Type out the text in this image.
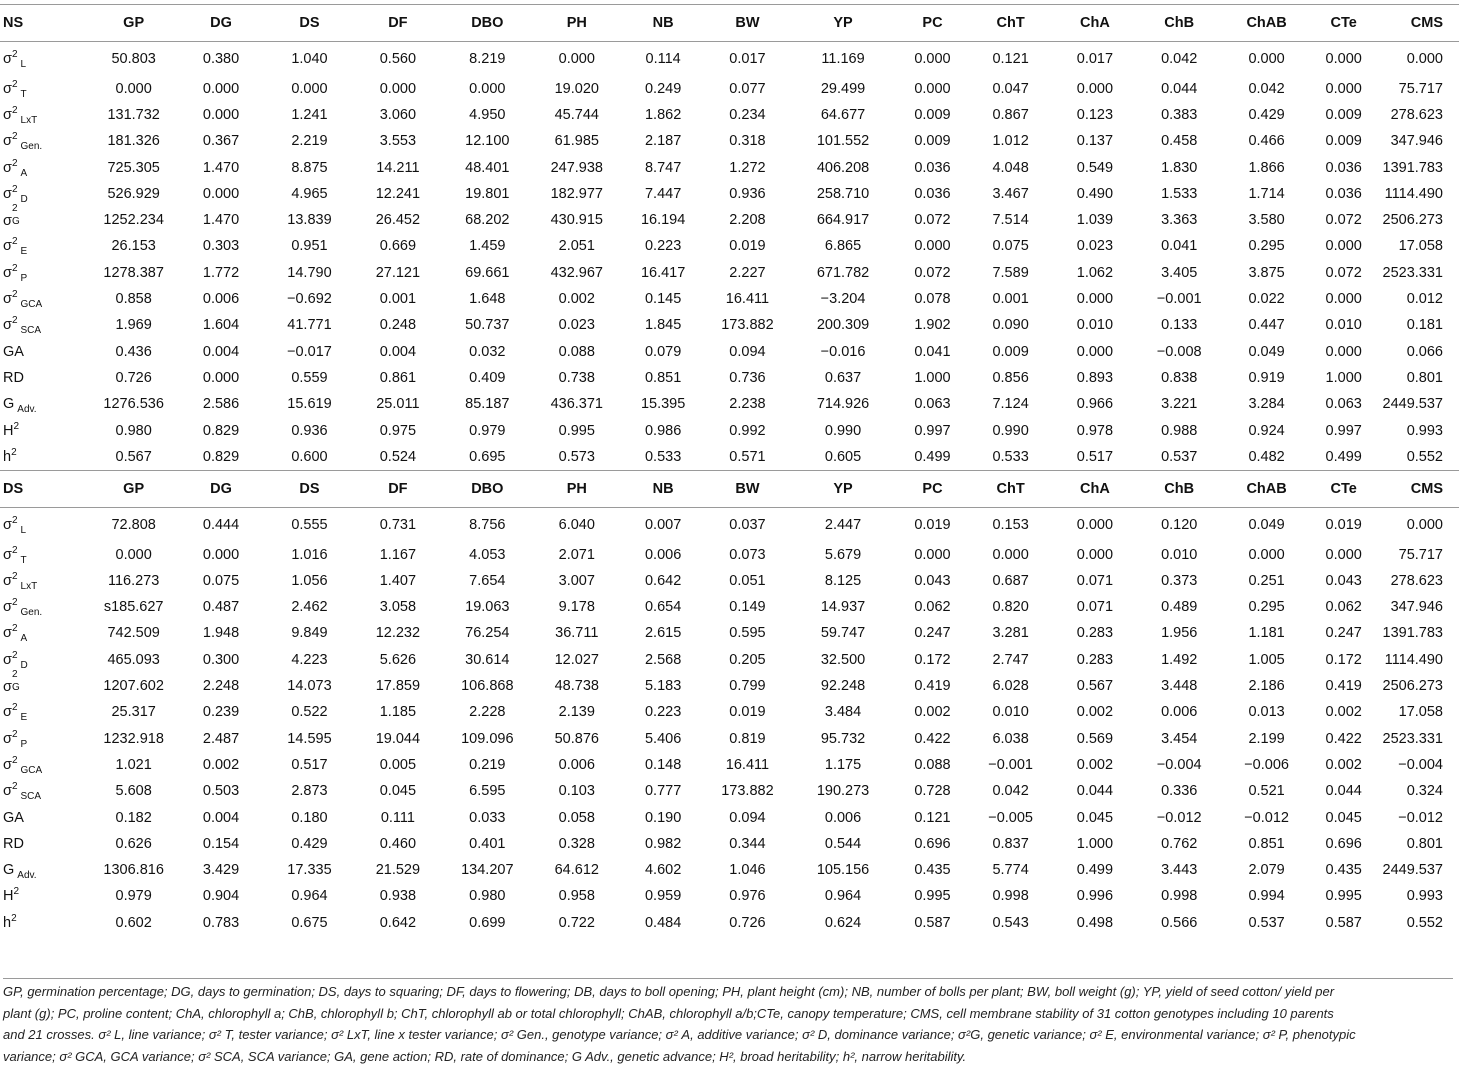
NS	GP	DG	DS	DF	DBO	PH	NB	BW	YP	PC	ChT	ChA	ChB	ChAB	CTe	CMS
$\sigma^2_L$	50.803	0.380	1.040	0.560	8.219	0.000	0.114	0.017	11.169	0.000	0.121	0.017	0.042	0.000	0.000	0.000
$\sigma^2_T$	0.000	0.000	0.000	0.000	0.000	19.020	0.249	0.077	29.499	0.000	0.047	0.000	0.044	0.042	0.000	75.717
$\sigma^2_{LxT}$	131.732	0.000	1.241	3.060	4.950	45.744	1.862	0.234	64.677	0.009	0.867	0.123	0.383	0.429	0.009	278.623
$\sigma^2_{Gen.}$	181.326	0.367	2.219	3.553	12.100	61.985	2.187	0.318	101.552	0.009	1.012	0.137	0.458	0.466	0.009	347.946
$\sigma^2_A$	725.305	1.470	8.875	14.211	48.401	247.938	8.747	1.272	406.208	0.036	4.048	0.549	1.830	1.866	0.036	1391.783
$\sigma^2_D$	526.929	0.000	4.965	12.241	19.801	182.977	7.447	0.936	258.710	0.036	3.467	0.490	1.533	1.714	0.036	1114.490
σ
2
G	1252.234	1.470	13.839	26.452	68.202	430.915	16.194	2.208	664.917	0.072	7.514	1.039	3.363	3.580	0.072	2506.273
$\sigma^2_E$	26.153	0.303	0.951	0.669	1.459	2.051	0.223	0.019	6.865	0.000	0.075	0.023	0.041	0.295	0.000	17.058
$\sigma^2_P$	1278.387	1.772	14.790	27.121	69.661	432.967	16.417	2.227	671.782	0.072	7.589	1.062	3.405	3.875	0.072	2523.331
$\sigma^2_{GCA}$	0.858	0.006	−0.692	0.001	1.648	0.002	0.145	16.411	−3.204	0.078	0.001	0.000	−0.001	0.022	0.000	0.012
$\sigma^2_{SCA}$	1.969	1.604	41.771	0.248	50.737	0.023	1.845	173.882	200.309	1.902	0.090	0.010	0.133	0.447	0.010	0.181
GA	0.436	0.004	−0.017	0.004	0.032	0.088	0.079	0.094	−0.016	0.041	0.009	0.000	−0.008	0.049	0.000	0.066
RD	0.726	0.000	0.559	0.861	0.409	0.738	0.851	0.736	0.637	1.000	0.856	0.893	0.838	0.919	1.000	0.801
G $_{Adv.}$	1276.536	2.586	15.619	25.011	85.187	436.371	15.395	2.238	714.926	0.063	7.124	0.966	3.221	3.284	0.063	2449.537
$H^2$	0.980	0.829	0.936	0.975	0.979	0.995	0.986	0.992	0.990	0.997	0.990	0.978	0.988	0.924	0.997	0.993
$h^2$	0.567	0.829	0.600	0.524	0.695	0.573	0.533	0.571	0.605	0.499	0.533	0.517	0.537	0.482	0.499	0.552
DS	GP	DG	DS	DF	DBO	PH	NB	BW	YP	PC	ChT	ChA	ChB	ChAB	CTe	CMS
$\sigma^2_L$	72.808	0.444	0.555	0.731	8.756	6.040	0.007	0.037	2.447	0.019	0.153	0.000	0.120	0.049	0.019	0.000
$\sigma^2_T$	0.000	0.000	1.016	1.167	4.053	2.071	0.006	0.073	5.679	0.000	0.000	0.000	0.010	0.000	0.000	75.717
$\sigma^2_{LxT}$	116.273	0.075	1.056	1.407	7.654	3.007	0.642	0.051	8.125	0.043	0.687	0.071	0.373	0.251	0.043	278.623
$\sigma^2_{Gen.}$	s185.627	0.487	2.462	3.058	19.063	9.178	0.654	0.149	14.937	0.062	0.820	0.071	0.489	0.295	0.062	347.946
$\sigma^2_A$	742.509	1.948	9.849	12.232	76.254	36.711	2.615	0.595	59.747	0.247	3.281	0.283	1.956	1.181	0.247	1391.783
$\sigma^2_D$	465.093	0.300	4.223	5.626	30.614	12.027	2.568	0.205	32.500	0.172	2.747	0.283	1.492	1.005	0.172	1114.490
σ
2
G	1207.602	2.248	14.073	17.859	106.868	48.738	5.183	0.799	92.248	0.419	6.028	0.567	3.448	2.186	0.419	2506.273
$\sigma^2_E$	25.317	0.239	0.522	1.185	2.228	2.139	0.223	0.019	3.484	0.002	0.010	0.002	0.006	0.013	0.002	17.058
$\sigma^2_P$	1232.918	2.487	14.595	19.044	109.096	50.876	5.406	0.819	95.732	0.422	6.038	0.569	3.454	2.199	0.422	2523.331
$\sigma^2_{GCA}$	1.021	0.002	0.517	0.005	0.219	0.006	0.148	16.411	1.175	0.088	−0.001	0.002	−0.004	−0.006	0.002	−0.004
$\sigma^2_{SCA}$	5.608	0.503	2.873	0.045	6.595	0.103	0.777	173.882	190.273	0.728	0.042	0.044	0.336	0.521	0.044	0.324
GA	0.182	0.004	0.180	0.111	0.033	0.058	0.190	0.094	0.006	0.121	−0.005	0.045	−0.012	−0.012	0.045	−0.012
RD	0.626	0.154	0.429	0.460	0.401	0.328	0.982	0.344	0.544	0.696	0.837	1.000	0.762	0.851	0.696	0.801
G $_{Adv.}$	1306.816	3.429	17.335	21.529	134.207	64.612	4.602	1.046	105.156	0.435	5.774	0.499	3.443	2.079	0.435	2449.537
$H^2$	0.979	0.904	0.964	0.938	0.980	0.958	0.959	0.976	0.964	0.995	0.998	0.996	0.998	0.994	0.995	0.993
$h^2$	0.602	0.783	0.675	0.642	0.699	0.722	0.484	0.726	0.624	0.587	0.543	0.498	0.566	0.537	0.587	0.552
GP, germination percentage; DG, days to germination; DS, days to squaring; DF, days to flowering; DB, days to boll opening; PH, plant height (cm); NB, number of bolls per plant; BW, boll weight (g); YP, yield of seed cotton/ yield per
plant (g); PC, proline content; ChA, chlorophyll a; ChB, chlorophyll b; ChT, chlorophyll ab or total chlorophyll; ChAB, chlorophyll a/b;CTe, canopy temperature; CMS, cell membrane stability of 31 cotton genotypes including 10 parents
and 21 crosses. σ² L, line variance; σ² T, tester variance; σ² LxT, line x tester variance; σ² Gen., genotype variance; σ² A, additive variance; σ² D, dominance variance; σ²G, genetic variance; σ² E, environmental variance; σ² P, phenotypic
variance; σ² GCA, GCA variance; σ² SCA, SCA variance; GA, gene action; RD, rate of dominance; G Adv., genetic advance; H², broad heritability; h², narrow heritability.
